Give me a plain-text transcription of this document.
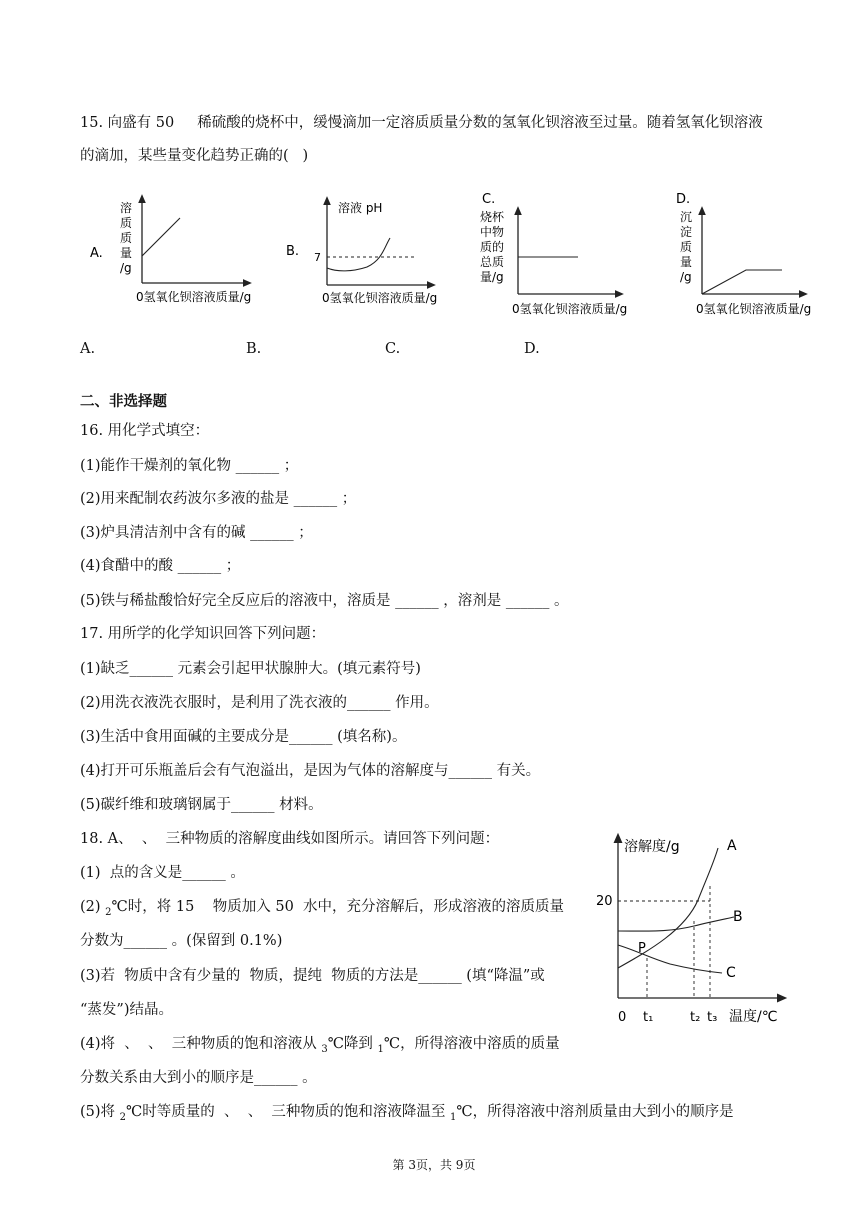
15. 向盛有 50     稀硫酸的烧杯中，缓慢滴加一定溶质质量分数的氢氧化钡溶液至过量。随着氢氧化钡溶液
的滴加，某些量变化趋势正确的(   )
A.
溶
质
质
量
/g
0氢氧化钡溶液质量/g
B.
溶液 pH
7
0氢氧化钡溶液质量/g
C.
烧杯
中物
质的
总质
量/g
0氢氧化钡溶液质量/g
D.
沉
淀
质
量
/g
0氢氧化钡溶液质量/g
A.	B.	C.	D.
二、非选择题
16. 用化学式填空：
(1)能作干燥剂的氧化物 ______ ；
(2)用来配制农药波尔多液的盐是 ______ ；
(3)炉具清洁剂中含有的碱 ______ ；
(4)食醋中的酸 ______ ；
(5)铁与稀盐酸恰好完全反应后的溶液中，溶质是 ______ ，溶剂是 ______ 。
17. 用所学的化学知识回答下列问题：
(1)缺乏______ 元素会引起甲状腺肿大。(填元素符号)
(2)用洗衣液洗衣服时，是利用了洗衣液的______ 作用。
(3)生活中食用面碱的主要成分是______ (填名称)。
(4)打开可乐瓶盖后会有气泡溢出，是因为气体的溶解度与______ 有关。
(5)碳纤维和玻璃钢属于______ 材料。
18. A、  、  三种物质的溶解度曲线如图所示。请回答下列问题：
(1)  点的含义是______ 。
(2) $_2$℃时，将 15    物质加入 50  水中，充分溶解后，形成溶液的溶质质量
分数为______ 。(保留到 0.1%)
(3)若  物质中含有少量的  物质，提纯  物质的方法是______ (填“降温”或
“蒸发”)结晶。
(4)将  、  、  三种物质的饱和溶液从 $_3$℃降到 $_1$℃，所得溶液中溶质的质量
分数关系由大到小的顺序是______ 。
(5)将 $_2$℃时等质量的  、  、  三种物质的饱和溶液降温至 $_1$℃，所得溶液中溶剂质量由大到小的顺序是
溶解度/g
0
20
t₁	t₂ t₃ 温度/℃
A
B
C
P
第 3页，共 9页
